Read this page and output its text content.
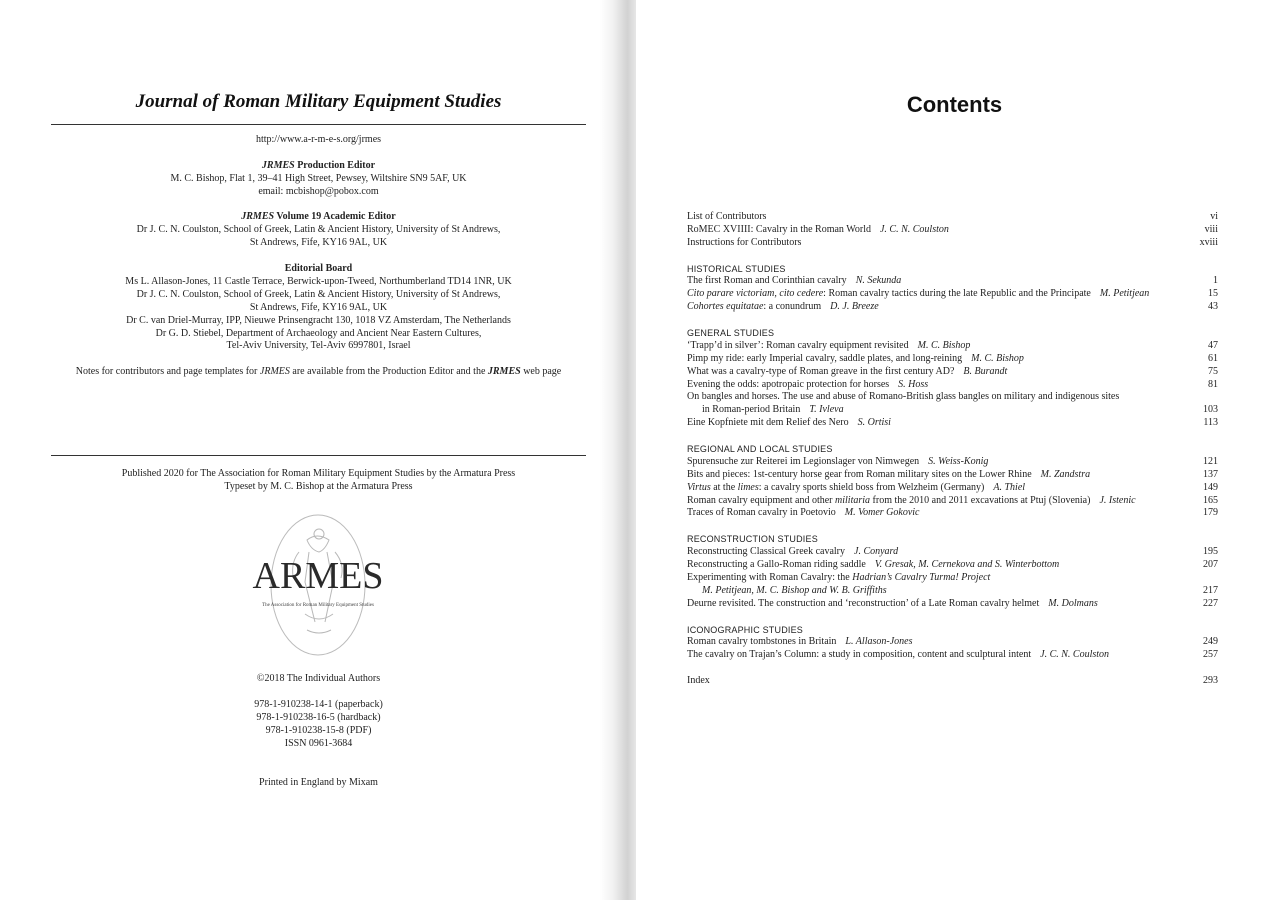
Journal of Roman Military Equipment Studies
http://www.a-r-m-e-s.org/jrmes
JRMES Production Editor
M. C. Bishop, Flat 1, 39–41 High Street, Pewsey, Wiltshire SN9 5AF, UK
email: mcbishop@pobox.com
JRMES Volume 19 Academic Editor
Dr J. C. N. Coulston, School of Greek, Latin & Ancient History, University of St Andrews,
St Andrews, Fife, KY16 9AL, UK
Editorial Board
Ms L. Allason-Jones, 11 Castle Terrace, Berwick-upon-Tweed, Northumberland TD14 1NR, UK
Dr J. C. N. Coulston, School of Greek, Latin & Ancient History, University of St Andrews,
St Andrews, Fife, KY16 9AL, UK
Dr C. van Driel-Murray, IPP, Nieuwe Prinsengracht 130, 1018 VZ Amsterdam, The Netherlands
Dr G. D. Stiebel, Department of Archaeology and Ancient Near Eastern Cultures,
Tel-Aviv University, Tel-Aviv 6997801, Israel
Notes for contributors and page templates for JRMES are available from the Production Editor and the JRMES web page
Published 2020 for The Association for Roman Military Equipment Studies by the Armatura Press
Typeset by M. C. Bishop at the Armatura Press
ARMES
The Association for Roman Military Equipment Studies
©2018 The Individual Authors
978-1-910238-14-1 (paperback)
978-1-910238-16-5 (hardback)
978-1-910238-15-8 (PDF)
ISSN 0961-3684
Printed in England by Mixam
Contents
List of Contributors	vi
RoMEC XVIIII: Cavalry in the Roman World J. C. N. Coulston	viii
Instructions for Contributors	xviii
HISTORICAL STUDIES
The first Roman and Corinthian cavalry N. Sekunda	1
Cito parare victoriam, cito cedere: Roman cavalry tactics during the late Republic and the Principate M. Petitjean	15
Cohortes equitatae: a conundrum D. J. Breeze	43
GENERAL STUDIES
‘Trapp’d in silver’: Roman cavalry equipment revisited M. C. Bishop	47
Pimp my ride: early Imperial cavalry, saddle plates, and long-reining M. C. Bishop	61
What was a cavalry-type of Roman greave in the first century AD? B. Burandt	75
Evening the odds: apotropaic protection for horses S. Hoss	81
On bangles and horses. The use and abuse of Romano-British glass bangles on military and indigenous sites
in Roman-period Britain T. Ivleva	103
Eine Kopfniete mit dem Relief des Nero S. Ortisi	113
REGIONAL AND LOCAL STUDIES
Spurensuche zur Reiterei im Legionslager von Nimwegen S. Weiss-Konig	121
Bits and pieces: 1st-century horse gear from Roman military sites on the Lower Rhine M. Zandstra	137
Virtus at the limes: a cavalry sports shield boss from Welzheim (Germany) A. Thiel	149
Roman cavalry equipment and other militaria from the 2010 and 2011 excavations at Ptuj (Slovenia) J. Istenic	165
Traces of Roman cavalry in Poetovio M. Vomer Gokovic	179
RECONSTRUCTION STUDIES
Reconstructing Classical Greek cavalry J. Conyard	195
Reconstructing a Gallo-Roman riding saddle V. Gresak, M. Cernekova and S. Winterbottom	207
Experimenting with Roman Cavalry: the Hadrian’s Cavalry Turma! Project
M. Petitjean, M. C. Bishop and W. B. Griffiths	217
Deurne revisited. The construction and ‘reconstruction’ of a Late Roman cavalry helmet M. Dolmans	227
ICONOGRAPHIC STUDIES
Roman cavalry tombstones in Britain L. Allason-Jones	249
The cavalry on Trajan’s Column: a study in composition, content and sculptural intent J. C. N. Coulston	257
Index	293
